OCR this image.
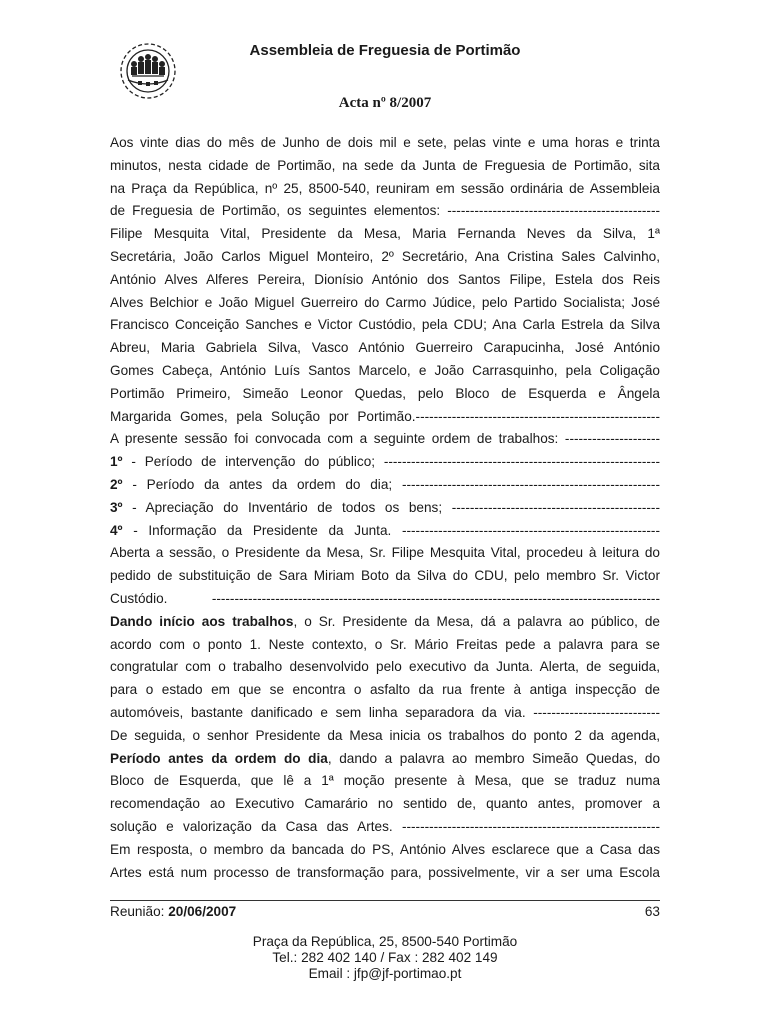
Assembleia de Freguesia de Portimão
Acta nº 8/2007
Aos vinte dias do mês de Junho de dois mil e sete, pelas vinte e uma horas e trinta
minutos, nesta cidade de Portimão, na sede da Junta de Freguesia de Portimão, sita
na Praça da República, nº 25, 8500-540, reuniram em sessão ordinária de Assembleia
de Freguesia de Portimão, os seguintes elementos: -----------------------------------------------
Filipe Mesquita Vital, Presidente da Mesa, Maria Fernanda Neves da Silva, 1ª
Secretária, João Carlos Miguel Monteiro, 2º Secretário, Ana Cristina Sales Calvinho,
António Alves Alferes Pereira, Dionísio António dos Santos Filipe, Estela dos Reis
Alves Belchior e João Miguel Guerreiro do Carmo Júdice, pelo Partido Socialista; José
Francisco Conceição Sanches e Victor Custódio, pela CDU; Ana Carla Estrela da Silva
Abreu, Maria Gabriela Silva, Vasco António Guerreiro Carapucinha, José António
Gomes Cabeça, António Luís Santos Marcelo, e João Carrasquinho, pela Coligação
Portimão Primeiro, Simeão Leonor Quedas, pelo Bloco de Esquerda e Ângela
Margarida Gomes, pela Solução por Portimão.------------------------------------------------------
A presente sessão foi convocada com a seguinte ordem de trabalhos: ---------------------
1º - Período de intervenção do público; -------------------------------------------------------------
2º - Período da antes da ordem do dia; ---------------------------------------------------------
3º - Apreciação do Inventário de todos os bens; ----------------------------------------------
4º - Informação da Presidente da Junta. ---------------------------------------------------------
Aberta a sessão, o Presidente da Mesa, Sr. Filipe Mesquita Vital, procedeu à leitura do
pedido de substituição de Sara Miriam Boto da Silva do CDU, pelo membro Sr. Victor
Custódio. ---------------------------------------------------------------------------------------------------
Dando início aos trabalhos, o Sr. Presidente da Mesa, dá a palavra ao público, de
acordo com o ponto 1. Neste contexto, o Sr. Mário Freitas pede a palavra para se
congratular com o trabalho desenvolvido pelo executivo da Junta. Alerta, de seguida,
para o estado em que se encontra o asfalto da rua frente à antiga inspecção de
automóveis, bastante danificado e sem linha separadora da via. ----------------------------
De seguida, o senhor Presidente da Mesa inicia os trabalhos do ponto 2 da agenda,
Período antes da ordem do dia, dando a palavra ao membro Simeão Quedas, do
Bloco de Esquerda, que lê a 1ª moção presente à Mesa, que se traduz numa
recomendação ao Executivo Camarário no sentido de, quanto antes, promover a
solução e valorização da Casa das Artes. ---------------------------------------------------------
Em resposta, o membro da bancada do PS, António Alves esclarece que a Casa das
Artes está num processo de transformação para, possivelmente, vir a ser uma Escola
Reunião: 20/06/2007	63
Praça da República, 25, 8500-540 Portimão
Tel.: 282 402 140 / Fax : 282 402 149
Email : jfp@jf-portimao.pt
